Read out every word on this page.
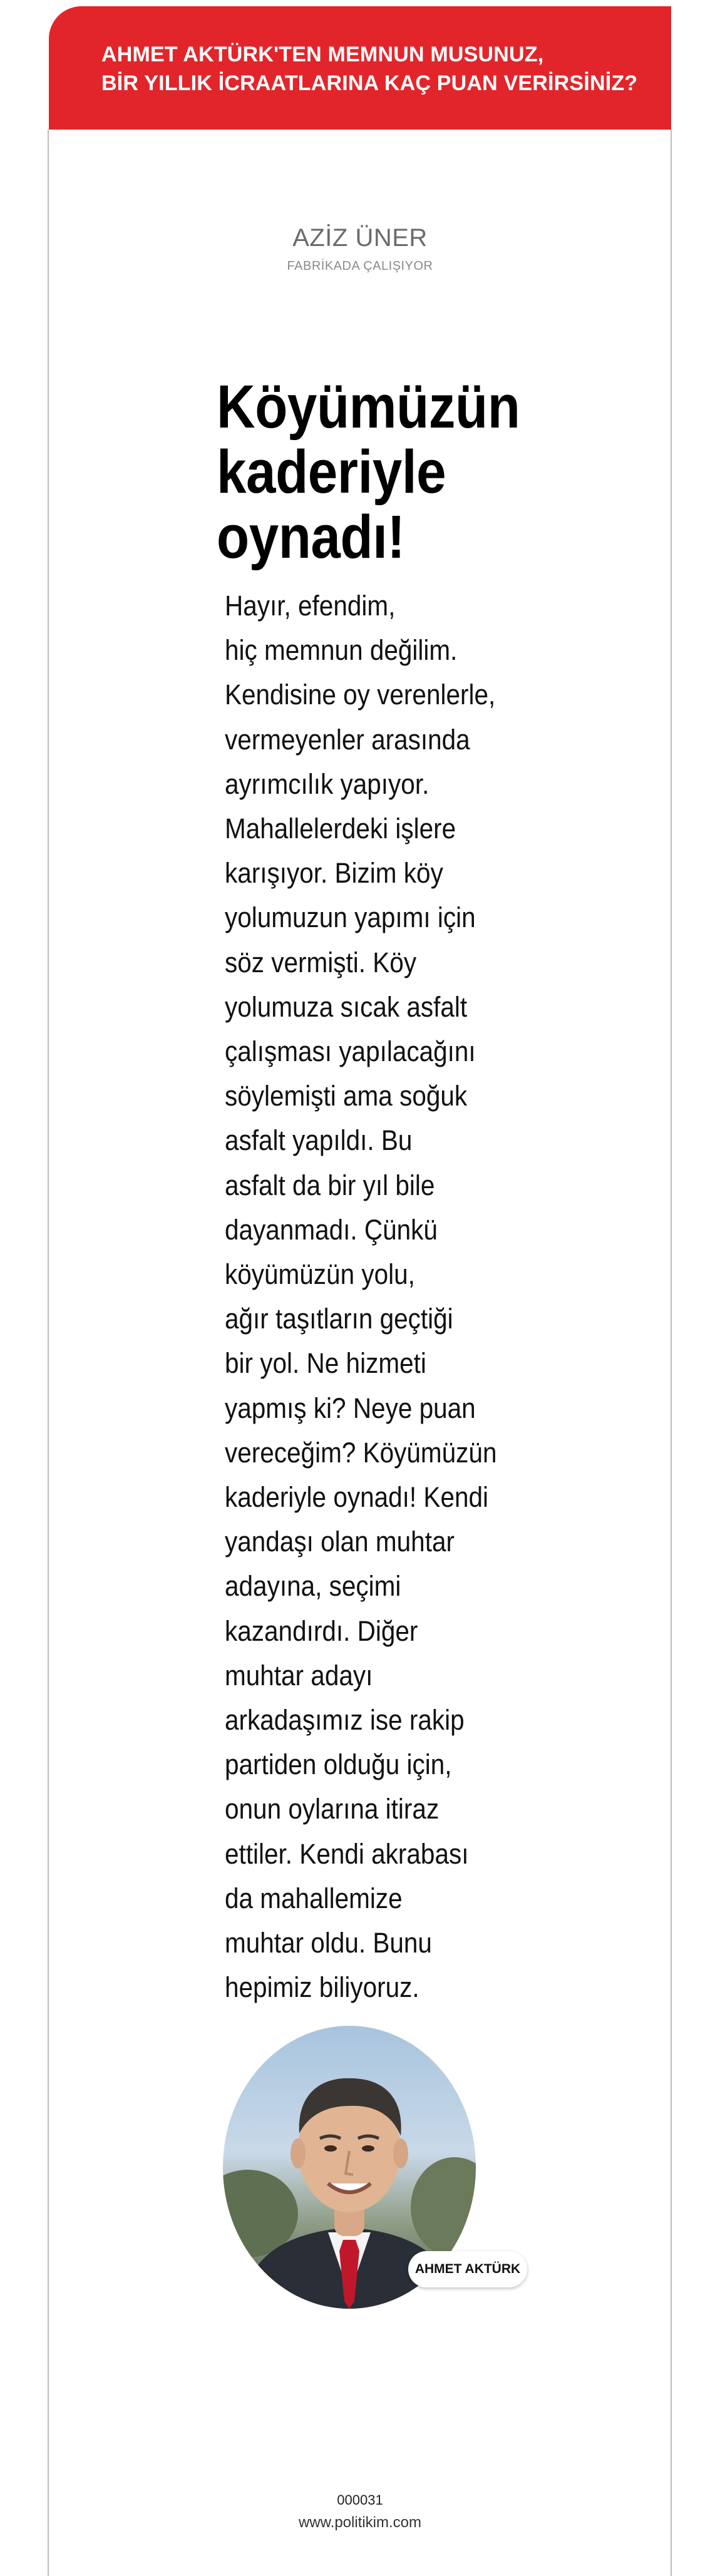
AHMET AKTÜRK'TEN MEMNUN MUSUNUZ,
BİR YILLIK İCRAATLARINA KAÇ PUAN VERİRSİNİZ?
AZİZ ÜNER
FABRİKADA ÇALIŞIYOR
Köyümüzün
kaderiyle
oynadı!
Hayır, efendim,
hiç memnun değilim.
Kendisine oy verenlerle,
vermeyenler arasında
ayrımcılık yapıyor.
Mahallelerdeki işlere
karışıyor. Bizim köy
yolumuzun yapımı için
söz vermişti. Köy
yolumuza sıcak asfalt
çalışması yapılacağını
söylemişti ama soğuk
asfalt yapıldı. Bu
asfalt da bir yıl bile
dayanmadı. Çünkü
köyümüzün yolu,
ağır taşıtların geçtiği
bir yol. Ne hizmeti
yapmış ki? Neye puan
vereceğim? Köyümüzün
kaderiyle oynadı! Kendi
yandaşı olan muhtar
adayına, seçimi
kazandırdı. Diğer
muhtar adayı
arkadaşımız ise rakip
partiden olduğu için,
onun oylarına itiraz
ettiler. Kendi akrabası
da mahallemize
muhtar oldu. Bunu
hepimiz biliyoruz.
AHMET AKTÜRK
000031
www.politikim.com
